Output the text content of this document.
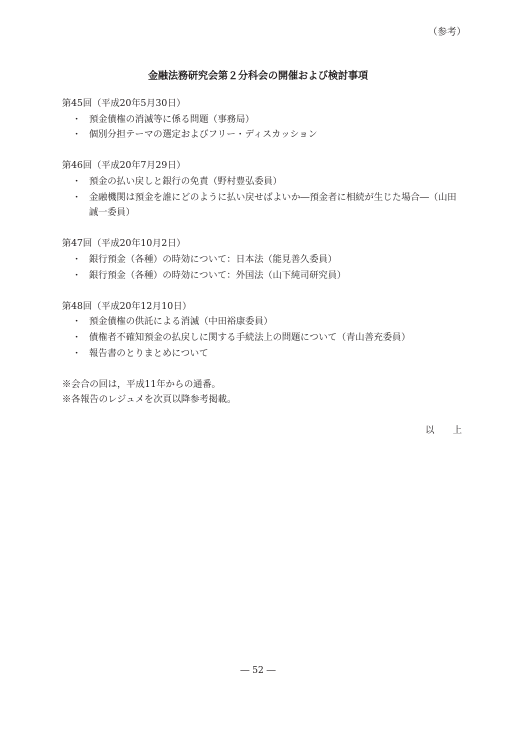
（参考）
金融法務研究会第２分科会の開催および検討事項
第45回（平成20年5月30日）
・ 預金債権の消滅等に係る問題（事務局）
・ 個別分担テーマの選定およびフリー・ディスカッション
第46回（平成20年7月29日）
・ 預金の払い戻しと銀行の免責（野村豊弘委員）
・ 金融機関は預金を誰にどのように払い戻せばよいか―預金者に相続が生じた場合―（山田誠一委員）
第47回（平成20年10月2日）
・ 銀行預金（各種）の時効について：日本法（能見善久委員）
・ 銀行預金（各種）の時効について：外国法（山下純司研究員）
第48回（平成20年12月10日）
・ 預金債権の供託による消滅（中田裕康委員）
・ 債権者不確知預金の払戻しに関する手続法上の問題について（青山善充委員）
・ 報告書のとりまとめについて
※会合の回は，平成11年からの通番。
※各報告のレジュメを次頁以降参考掲載。
以　　上
― 52 ―
